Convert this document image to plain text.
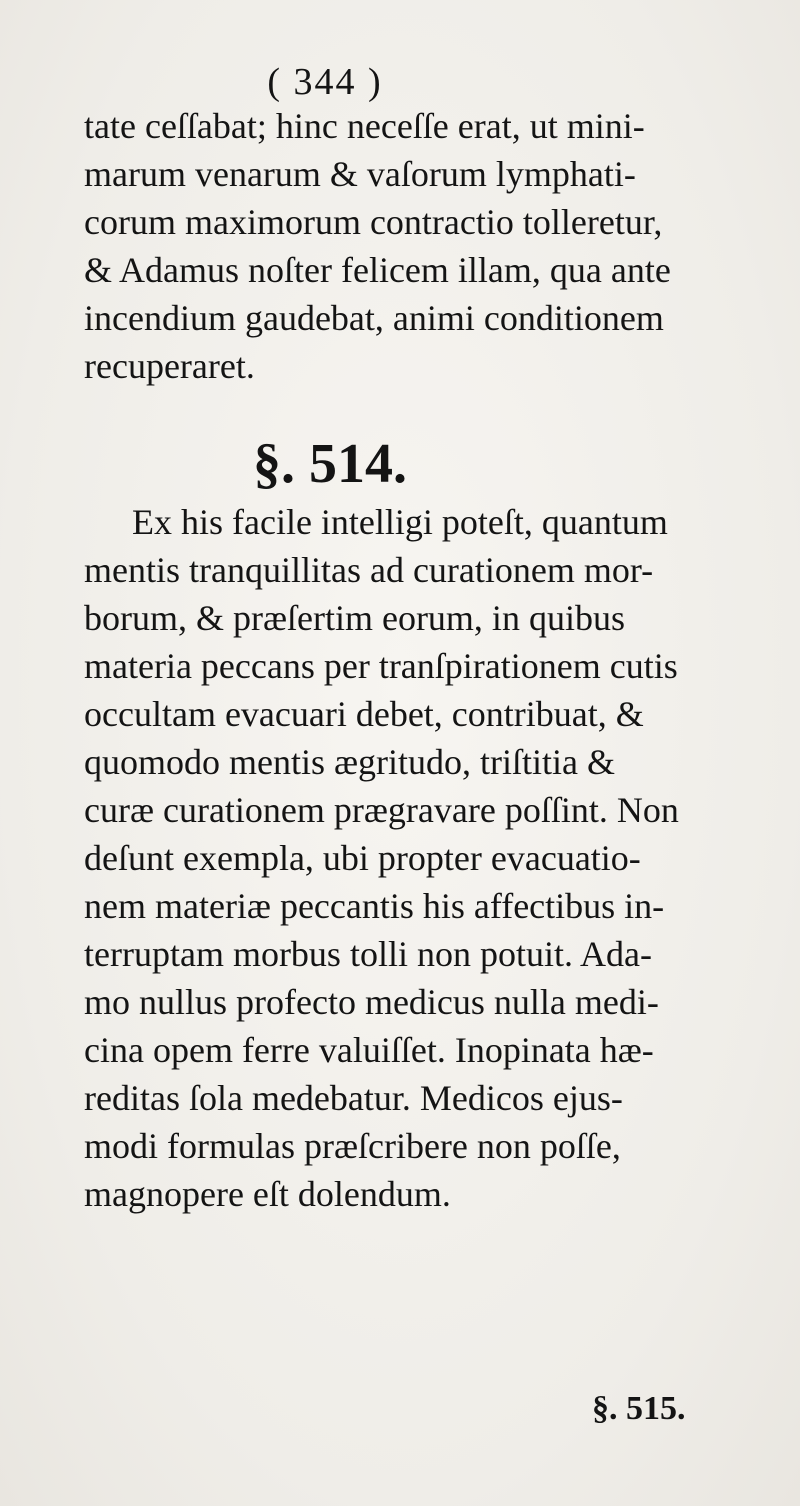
( 344 )
tate ceſſabat; hinc neceſſe erat, ut mini-
marum venarum & vaſorum lymphati-
corum maximorum contractio tolleretur,
& Adamus noſter felicem illam, qua ante
incendium gaudebat, animi conditionem
recuperaret.
§. 514.
Ex his facile intelligi poteſt, quantum
mentis tranquillitas ad curationem mor-
borum, & præſertim eorum, in quibus
materia peccans per tranſpirationem cutis
occultam evacuari debet, contribuat, &
quomodo mentis ægritudo, triſtitia &
curæ curationem prægravare poſſint. Non
deſunt exempla, ubi propter evacuatio-
nem materiæ peccantis his affectibus in-
terruptam morbus tolli non potuit. Ada-
mo nullus profecto medicus nulla medi-
cina opem ferre valuiſſet. Inopinata hæ-
reditas ſola medebatur. Medicos ejus-
modi formulas præſcribere non poſſe,
magnopere eſt dolendum.
§. 515.
